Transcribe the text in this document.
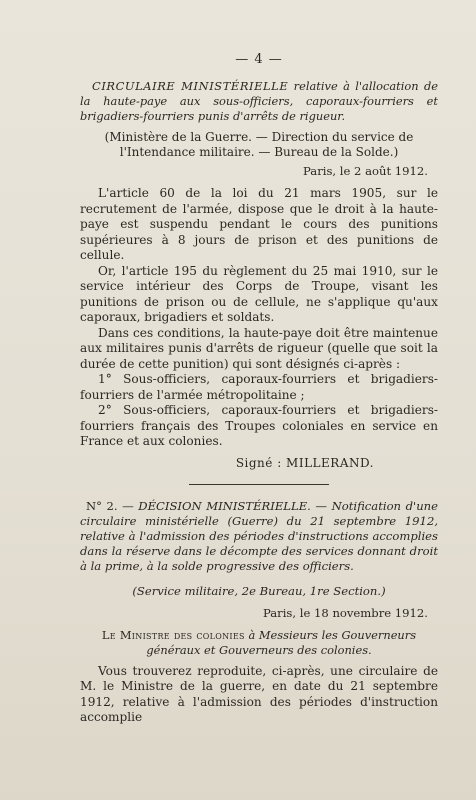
— 4 —

CIRCULAIRE MINISTÉRIELLE relative à l'allocation de la haute-paye aux sous-officiers, caporaux-fourriers et brigadiers-fourriers punis d'arrêts de rigueur.

(Ministère de la Guerre. — Direction du service de l'Intendance militaire. — Bureau de la Solde.)
Paris, le 2 août 1912.

L'article 60 de la loi du 21 mars 1905, sur le recrutement de l'armée, dispose que le droit à la haute-paye est suspendu pendant le cours des punitions supérieures à 8 jours de prison et des punitions de cellule.

Or, l'article 195 du règlement du 25 mai 1910, sur le service intérieur des Corps de Troupe, visant les punitions de prison ou de cellule, ne s'applique qu'aux caporaux, brigadiers et soldats.

Dans ces conditions, la haute-paye doit être maintenue aux militaires punis d'arrêts de rigueur (quelle que soit la durée de cette punition) qui sont désignés ci-après :

1° Sous-officiers, caporaux-fourriers et brigadiers-fourriers de l'armée métropolitaine ;

2° Sous-officiers, caporaux-fourriers et brigadiers-fourriers français des Troupes coloniales en service en France et aux colonies.

Signé : MILLERAND.

N° 2. — DÉCISION MINISTÉRIELLE. — Notification d'une circulaire ministérielle (Guerre) du 21 septembre 1912, relative à l'admission des périodes d'instructions accomplies dans la réserve dans le décompte des services donnant droit à la prime, à la solde progressive des officiers.

(Service militaire, 2e Bureau, 1re Section.)
Paris, le 18 novembre 1912.

Le Ministre des colonies à Messieurs les Gouverneurs généraux et Gouverneurs des colonies.

Vous trouverez reproduite, ci-après, une circulaire de M. le Ministre de la guerre, en date du 21 septembre 1912, relative à l'admission des périodes d'instruction accomplie
